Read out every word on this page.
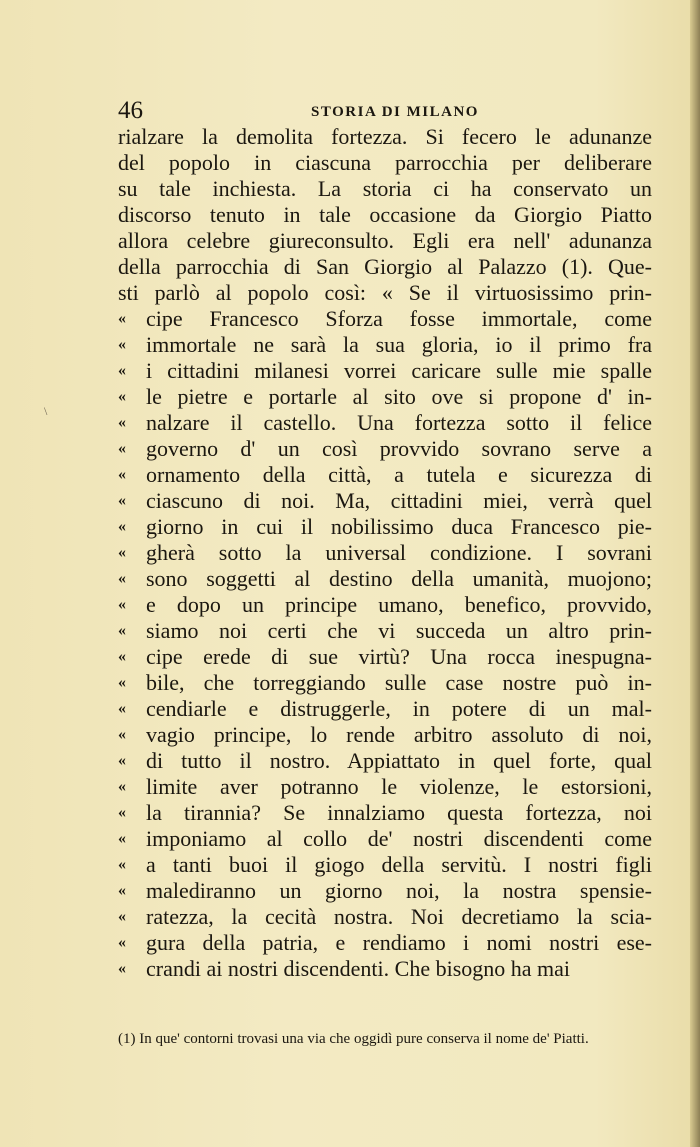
46	STORIA DI MILANO
rialzare la demolita fortezza. Si fecero le adunanze
del popolo in ciascuna parrocchia per deliberare
su tale inchiesta. La storia ci ha conservato un
discorso tenuto in tale occasione da Giorgio Piatto
allora celebre giureconsulto. Egli era nell' adunanza
della parrocchia di San Giorgio al Palazzo (1). Que-
sti parlò al popolo così: « Se il virtuosissimo prin-
« cipe Francesco Sforza fosse immortale, come
« immortale ne sarà la sua gloria, io il primo fra
« i cittadini milanesi vorrei caricare sulle mie spalle
« le pietre e portarle al sito ove si propone d' in-
« nalzare il castello. Una fortezza sotto il felice
« governo d' un così provvido sovrano serve a
« ornamento della città, a tutela e sicurezza di
« ciascuno di noi. Ma, cittadini miei, verrà quel
« giorno in cui il nobilissimo duca Francesco pie-
« gherà sotto la universal condizione. I sovrani
« sono soggetti al destino della umanità, muojono;
« e dopo un principe umano, benefico, provvido,
« siamo noi certi che vi succeda un altro prin-
« cipe erede di sue virtù? Una rocca inespugna-
« bile, che torreggiando sulle case nostre può in-
« cendiarle e distruggerle, in potere di un mal-
« vagio principe, lo rende arbitro assoluto di noi,
« di tutto il nostro. Appiattato in quel forte, qual
« limite aver potranno le violenze, le estorsioni,
« la tirannia? Se innalziamo questa fortezza, noi
« imponiamo al collo de' nostri discendenti come
« a tanti buoi il giogo della servitù. I nostri figli
« malediranno un giorno noi, la nostra spensie-
« ratezza, la cecità nostra. Noi decretiamo la scia-
« gura della patria, e rendiamo i nomi nostri ese-
« crandi ai nostri discendenti. Che bisogno ha mai
(1) In que' contorni trovasi una via che oggidì pure conserva il nome de' Piatti.
\
